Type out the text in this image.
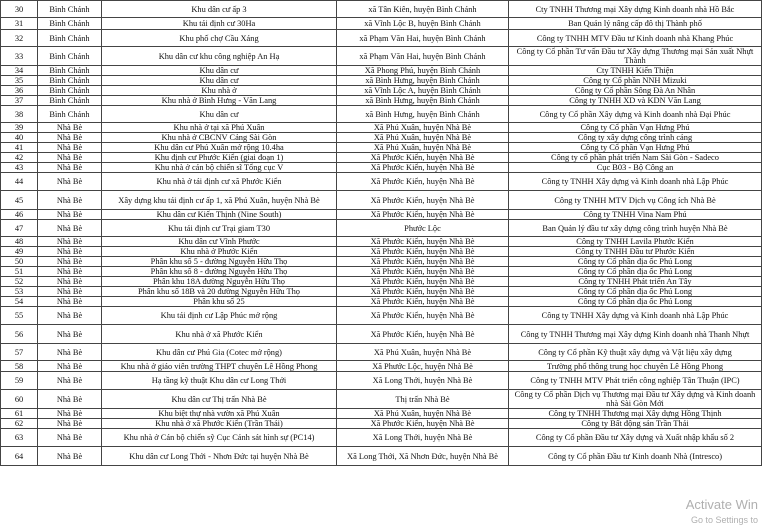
30	Bình Chánh	Khu dân cư ấp 3	xã Tân Kiên, huyện Bình Chánh	Cty TNHH Thương mại Xây dựng Kinh doanh nhà Hồ Bắc
31	Bình Chánh	Khu tái định cư 30Ha	xã Vĩnh Lộc B, huyện Bình Chánh	Ban Quản lý nâng cấp đô thị Thành phố
32	Bình Chánh	Khu phố chợ Cầu Xáng	xã Phạm Văn Hai, huyện Bình Chánh	Công ty TNHH MTV Đầu tư Kinh doanh nhà Khang Phúc
33	Bình Chánh	Khu dân cư khu công nghiệp An Hạ	xã Phạm Văn Hai, huyện Bình Chánh	Công ty Cổ phần Tư vấn Đầu tư Xây dựng Thương mại Sản xuất Nhựt Thành
34	Bình Chánh	Khu dân cư	Xã Phong Phú, huyện Bình Chánh	Cty TNHH Kiến Thiện
35	Bình Chánh	Khu dân cư	xã Bình Hưng, huyện Bình Chánh	Công ty Cổ phần NNH Mizuki
36	Bình Chánh	Khu nhà ở	xã Vĩnh Lộc A, huyện Bình Chánh	Công ty Cổ phần Sông Đà An Nhân
37	Bình Chánh	Khu nhà ở Bình Hưng - Văn Lang	xã Bình Hưng, huyện Bình Chánh	Công ty TNHH XD và KDN Văn Lang
38	Bình Chánh	Khu dân cư	xã Bình Hưng, huyện Bình Chánh	Công ty Cổ phần Xây dựng và Kinh doanh nhà Đại Phúc
39	Nhà Bè	Khu nhà ở tại xã Phú Xuân	Xã Phú Xuân, huyện Nhà Bè	Công ty Cổ phần Vạn Hưng Phú
40	Nhà Bè	Khu nhà ở CBCNV Cảng Sài Gòn	Xã Phú Xuân, huyện Nhà Bè	Công ty xây dựng công trình cảng
41	Nhà Bè	Khu dân cư Phú Xuân mở rộng 10.4ha	Xã Phú Xuân, huyện Nhà Bè	Công ty Cổ phần Vạn Hưng Phú
42	Nhà Bè	Khu định cư Phước Kiển (giai đoạn 1)	Xã Phước Kiển, huyện Nhà Bè	Công ty cổ phần phát triển Nam Sài Gòn - Sadeco
43	Nhà Bè	Khu nhà ở cán bộ chiến sĩ Tổng cục V	Xã Phước Kiển, huyện Nhà Bè	Cục B03 - Bộ Công an
44	Nhà Bè	Khu nhà ở tái định cư xã Phước Kiển	Xã Phước Kiển, huyện Nhà Bè	Công ty TNHH Xây dựng và Kinh doanh nhà Lập Phúc
45	Nhà Bè	Xây dựng khu tái định cư ấp 1, xã Phú Xuân, huyện Nhà Bè	Xã Phước Kiển, huyện Nhà Bè	Công ty TNHH MTV Dịch vụ Công ích Nhà Bè
46	Nhà Bè	Khu dân cư Kiến Thịnh (Nine South)	Xã Phước Kiển, huyện Nhà Bè	Công ty TNHH Vina Nam Phú
47	Nhà Bè	Khu tái định cư Trại giam T30	Phước Lộc	Ban Quản lý đầu tư xây dựng công trình huyện Nhà Bè
48	Nhà Bè	Khu dân cư Vĩnh Phước	Xã Phước Kiển, huyện Nhà Bè	Công ty TNHH Lavila Phước Kiển
49	Nhà Bè	Khu nhà ở Phước Kiển	Xã Phước Kiển, huyện Nhà Bè	Công ty TNHH Đầu tư Phước Kiển
50	Nhà Bè	Phân khu số 5 - đường Nguyễn Hữu Thọ	Xã Phước Kiển, huyện Nhà Bè	Công ty Cổ phần địa ốc Phú Long
51	Nhà Bè	Phân khu số 8 - đường Nguyễn Hữu Thọ	Xã Phước Kiển, huyện Nhà Bè	Công ty Cổ phần địa ốc Phú Long
52	Nhà Bè	Phân khu 18A đường Nguyễn Hữu Thọ	Xã Phước Kiển, huyện Nhà Bè	Công ty TNHH Phát triển An Tây
53	Nhà Bè	Phân khu số 18B và 20 đường Nguyễn Hữu Thọ	Xã Phước Kiển, huyện Nhà Bè	Công ty Cổ phần địa ốc Phú Long
54	Nhà Bè	Phân khu số 25	Xã Phước Kiển, huyện Nhà Bè	Công ty Cổ phần địa ốc Phú Long
55	Nhà Bè	Khu tái định cư Lập Phúc mở rộng	Xã Phước Kiển, huyện Nhà Bè	Công ty TNHH Xây dựng và Kinh doanh nhà Lập Phúc
56	Nhà Bè	Khu nhà ở xã Phước Kiển	Xã Phước Kiển, huyện Nhà Bè	Công ty TNHH Thương mại Xây dựng Kinh doanh nhà Thanh Nhựt
57	Nhà Bè	Khu dân cư Phú Gia (Cotec mở rộng)	Xã Phú Xuân, huyện Nhà Bè	Công ty Cổ phần Kỹ thuật xây dựng và Vật liệu xây dựng
58	Nhà Bè	Khu nhà ở giáo viên trường THPT chuyên Lê Hồng Phong	Xã Phước Lộc, huyện Nhà Bè	Trường phổ thông trung học chuyên Lê Hồng Phong
59	Nhà Bè	Hạ tầng kỹ thuật Khu dân cư Long Thới	Xã Long Thới, huyện Nhà Bè	Công ty TNHH MTV Phát triển công nghiệp Tân Thuận (IPC)
60	Nhà Bè	Khu dân cư Thị trấn Nhà Bè	Thị trấn Nhà Bè	Công ty Cổ phần Dịch vụ Thương mại Đầu tư Xây dựng và Kinh doanh nhà Sài Gòn Mới
61	Nhà Bè	Khu biệt thự nhà vườn xã Phú Xuân	Xã Phú Xuân, huyện Nhà Bè	Công ty TNHH Thương mại Xây dựng Hồng Thịnh
62	Nhà Bè	Khu nhà ở xã Phước Kiển (Trần Thái)	Xã Phước Kiển, huyện Nhà Bè	Công ty Bất động sản Trần Thái
63	Nhà Bè	Khu nhà ở Cán bộ chiến sỹ Cục Cảnh sát hình sự (PC14)	Xã Long Thới, huyện Nhà Bè	Công ty Cổ phần Đầu tư Xây dựng và Xuất nhập khẩu số 2
64	Nhà Bè	Khu dân cư Long Thới - Nhơn Đức tại huyện Nhà Bè	Xã Long Thới, Xã Nhơn Đức, huyện Nhà Bè	Công ty Cổ phần Đầu tư Kinh doanh Nhà (Intresco)
Activate Win
Go to Settings to
